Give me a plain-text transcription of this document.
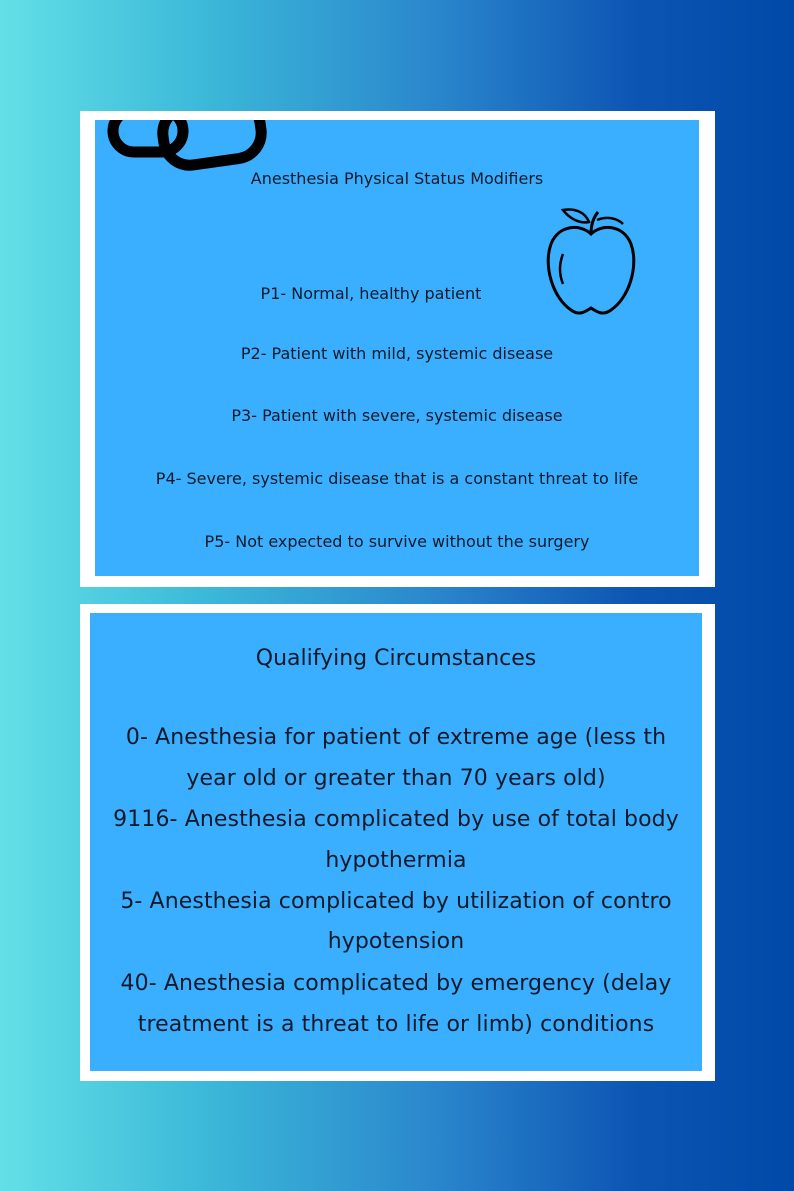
Anesthesia Physical Status Modifiers
P1- Normal, healthy patient
P2- Patient with mild, systemic disease
P3- Patient with severe, systemic disease
P4- Severe, systemic disease that is a constant threat to life
P5- Not expected to survive without the surgery
Qualifying Circumstances
0- Anesthesia for patient of extreme age (less th
year old or greater than 70 years old)
9116- Anesthesia complicated by use of total body
hypothermia
5- Anesthesia complicated by utilization of contro
hypotension
40- Anesthesia complicated by emergency (delay
treatment is a threat to life or limb) conditions
